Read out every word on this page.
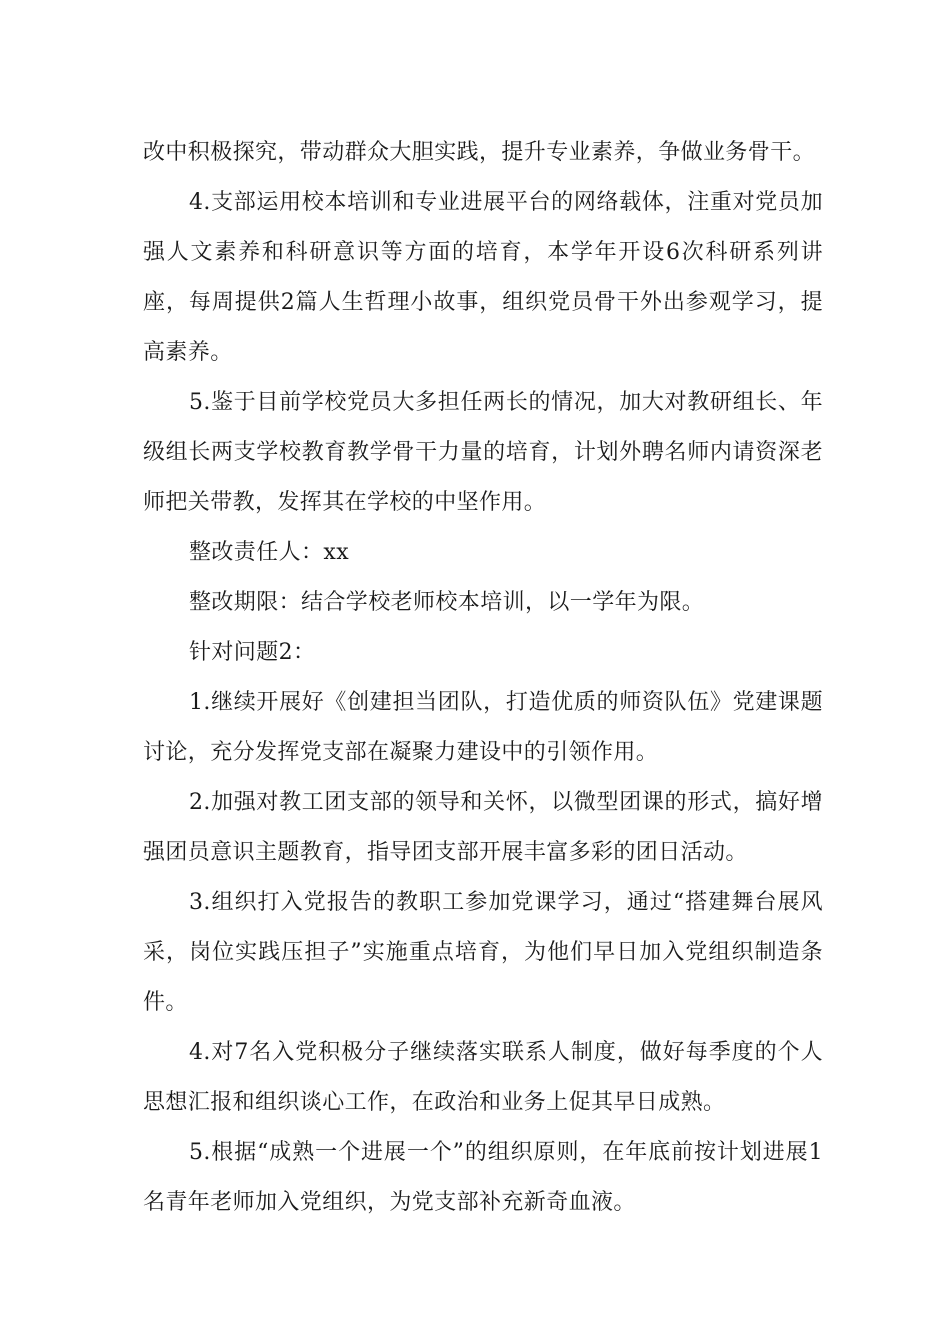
改中积极探究，带动群众大胆实践，提升专业素养，争做业务骨干。

4.支部运用校本培训和专业进展平台的网络载体，注重对党员加强人文素养和科研意识等方面的培育，本学年开设6次科研系列讲座，每周提供2篇人生哲理小故事，组织党员骨干外出参观学习，提高素养。

5.鉴于目前学校党员大多担任两长的情况，加大对教研组长、年级组长两支学校教育教学骨干力量的培育，计划外聘名师内请资深老师把关带教，发挥其在学校的中坚作用。

整改责任人：xx

整改期限：结合学校老师校本培训，以一学年为限。

针对问题2：

1.继续开展好《创建担当团队，打造优质的师资队伍》党建课题讨论，充分发挥党支部在凝聚力建设中的引领作用。

2.加强对教工团支部的领导和关怀，以微型团课的形式，搞好增强团员意识主题教育，指导团支部开展丰富多彩的团日活动。

3.组织打入党报告的教职工参加党课学习，通过“搭建舞台展风采，岗位实践压担子”实施重点培育，为他们早日加入党组织制造条件。

4.对7名入党积极分子继续落实联系人制度，做好每季度的个人思想汇报和组织谈心工作，在政治和业务上促其早日成熟。

5.根据“成熟一个进展一个”的组织原则，在年底前按计划进展1名青年老师加入党组织，为党支部补充新奇血液。
